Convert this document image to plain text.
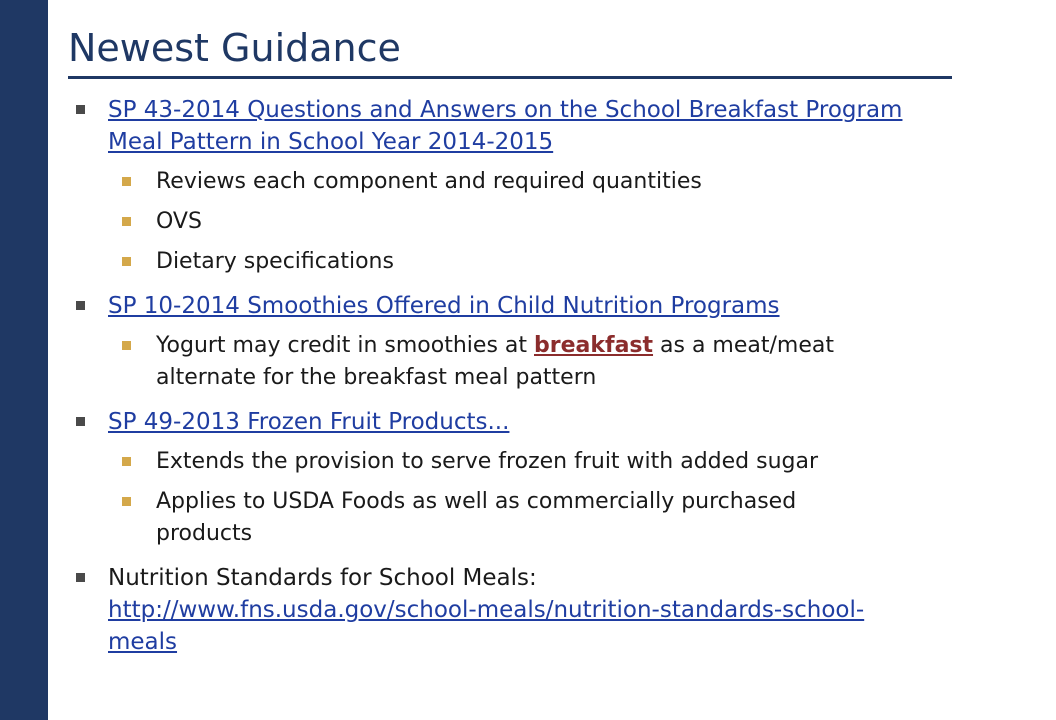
Newest Guidance
SP 43-2014 Questions and Answers on the School Breakfast Program
Meal Pattern in School Year 2014-2015
Reviews each component and required quantities
OVS
Dietary specifications
SP 10-2014 Smoothies Offered in Child Nutrition Programs
Yogurt may credit in smoothies at breakfast as a meat/meat
alternate for the breakfast meal pattern
SP 49-2013 Frozen Fruit Products...
Extends the provision to serve frozen fruit with added sugar
Applies to USDA Foods as well as commercially purchased
products
Nutrition Standards for School Meals:
http://www.fns.usda.gov/school-meals/nutrition-standards-school-
meals
